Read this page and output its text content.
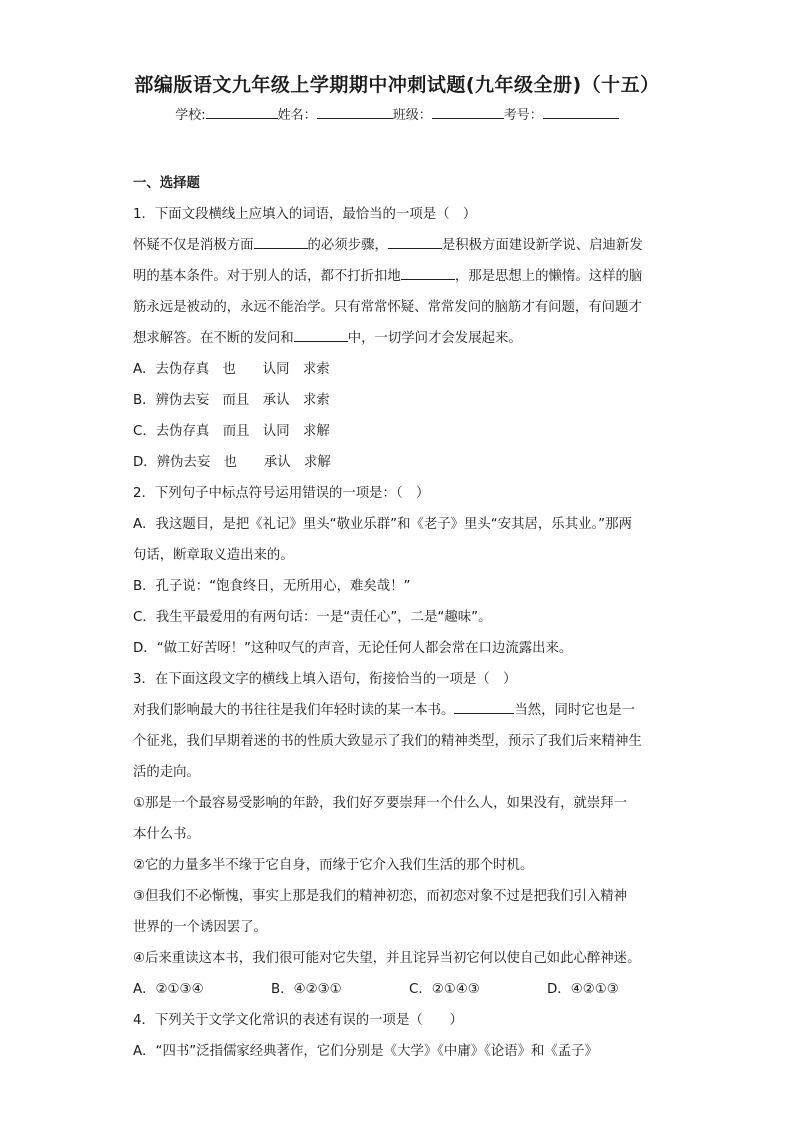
部编版语文九年级上学期期中冲刺试题(九年级全册)（十五）
学校:	姓名：	班级：	考号：
一、选择题
1．下面文段横线上应填入的词语，最恰当的一项是（　）
怀疑不仅是消极方面	的必须步骤，	是积极方面建设新学说、启迪新发
明的基本条件。对于别人的话，都不打折扣地	，那是思想上的懒惰。这样的脑
筋永远是被动的，永远不能治学。只有常常怀疑、常常发问的脑筋才有问题，有问题才
想求解答。在不断的发问和	中，一切学问才会发展起来。
A．去伪存真　也　　认同　求索
B．辨伪去妄　而且　承认　求索
C．去伪存真　而且　认同　求解
D．辨伪去妄　也　　承认　求解
2．下列句子中标点符号运用错误的一项是：（　）
A．我这题目，是把《礼记》里头“敬业乐群”和《老子》里头“安其居，乐其业。”那两
句话，断章取义造出来的。
B．孔子说：“饱食终日，无所用心，难矣哉！”
C．我生平最爱用的有两句话：一是“责任心”，二是“趣味”。
D．“做工好苦呀！”这种叹气的声音，无论任何人都会常在口边流露出来。
3．在下面这段文字的横线上填入语句，衔接恰当的一项是（　）
对我们影响最大的书往往是我们年轻时读的某一本书。	当然，同时它也是一
个征兆，我们早期着迷的书的性质大致显示了我们的精神类型，预示了我们后来精神生
活的走向。
①那是一个最容易受影响的年龄，我们好歹要崇拜一个什么人，如果没有，就崇拜一
本什么书。
②它的力量多半不缘于它自身，而缘于它介入我们生活的那个时机。
③但我们不必惭愧，事实上那是我们的精神初恋，而初恋对象不过是把我们引入精神
世界的一个诱因罢了。
④后来重读这本书，我们很可能对它失望，并且诧异当初它何以使自己如此心醉神迷。
A．②①③④	B．④②③①	C．②①④③	D．④②①③
4．下列关于文学文化常识的表述有误的一项是（　　）
A．“四书”泛指儒家经典著作，它们分别是《大学》《中庸》《论语》和《孟子》
